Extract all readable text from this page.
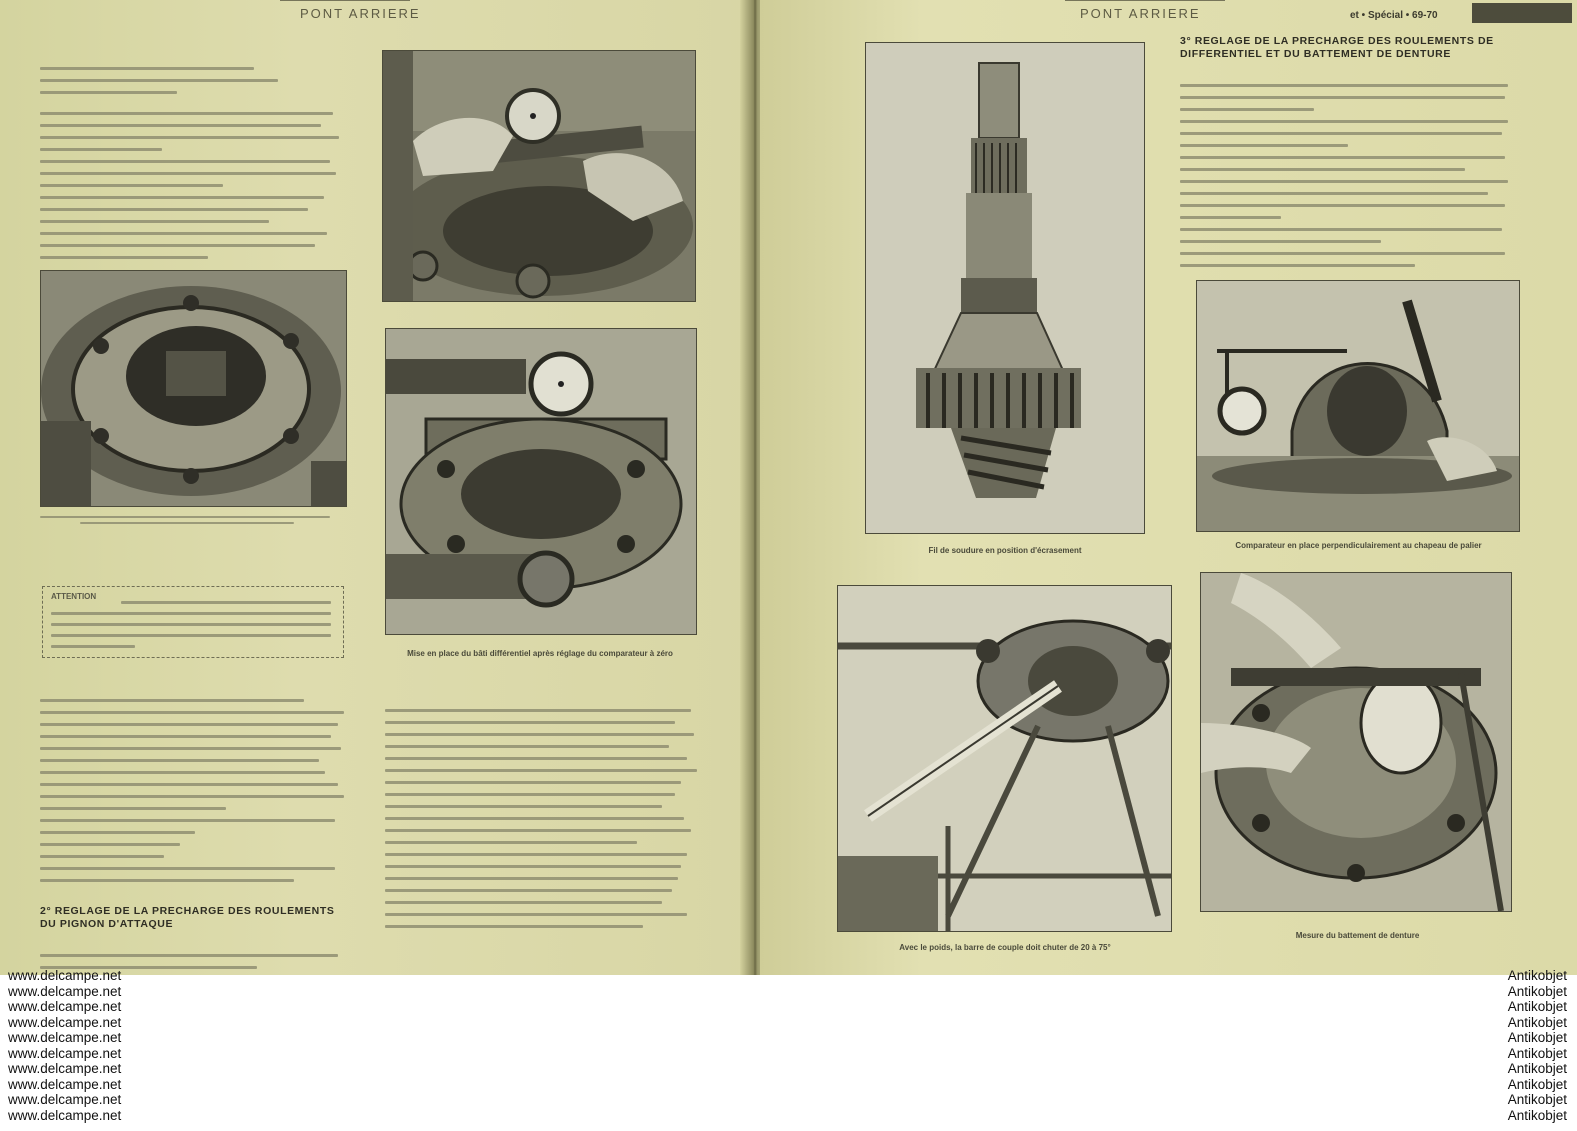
PONT ARRIERE
ATTENTION
Mise en place du bâti différentiel après réglage du comparateur à zéro
2° REGLAGE DE LA PRECHARGE DES ROULEMENTS DU PIGNON D'ATTAQUE
PONT ARRIERE	et • Spécial • 69-70
Fil de soudure en position d'écrasement
3° REGLAGE DE LA PRECHARGE DES ROULEMENTS DE DIFFERENTIEL ET DU BATTEMENT DE DENTURE
Comparateur en place perpendiculairement au chapeau de palier
Avec le poids, la barre de couple doit chuter de 20 à 75°
Mesure du battement de denture
www.delcampe.net
www.delcampe.net
www.delcampe.net
www.delcampe.net
www.delcampe.net
www.delcampe.net
www.delcampe.net
www.delcampe.net
www.delcampe.net
www.delcampe.net
Antikobjet
Antikobjet
Antikobjet
Antikobjet
Antikobjet
Antikobjet
Antikobjet
Antikobjet
Antikobjet
Antikobjet
